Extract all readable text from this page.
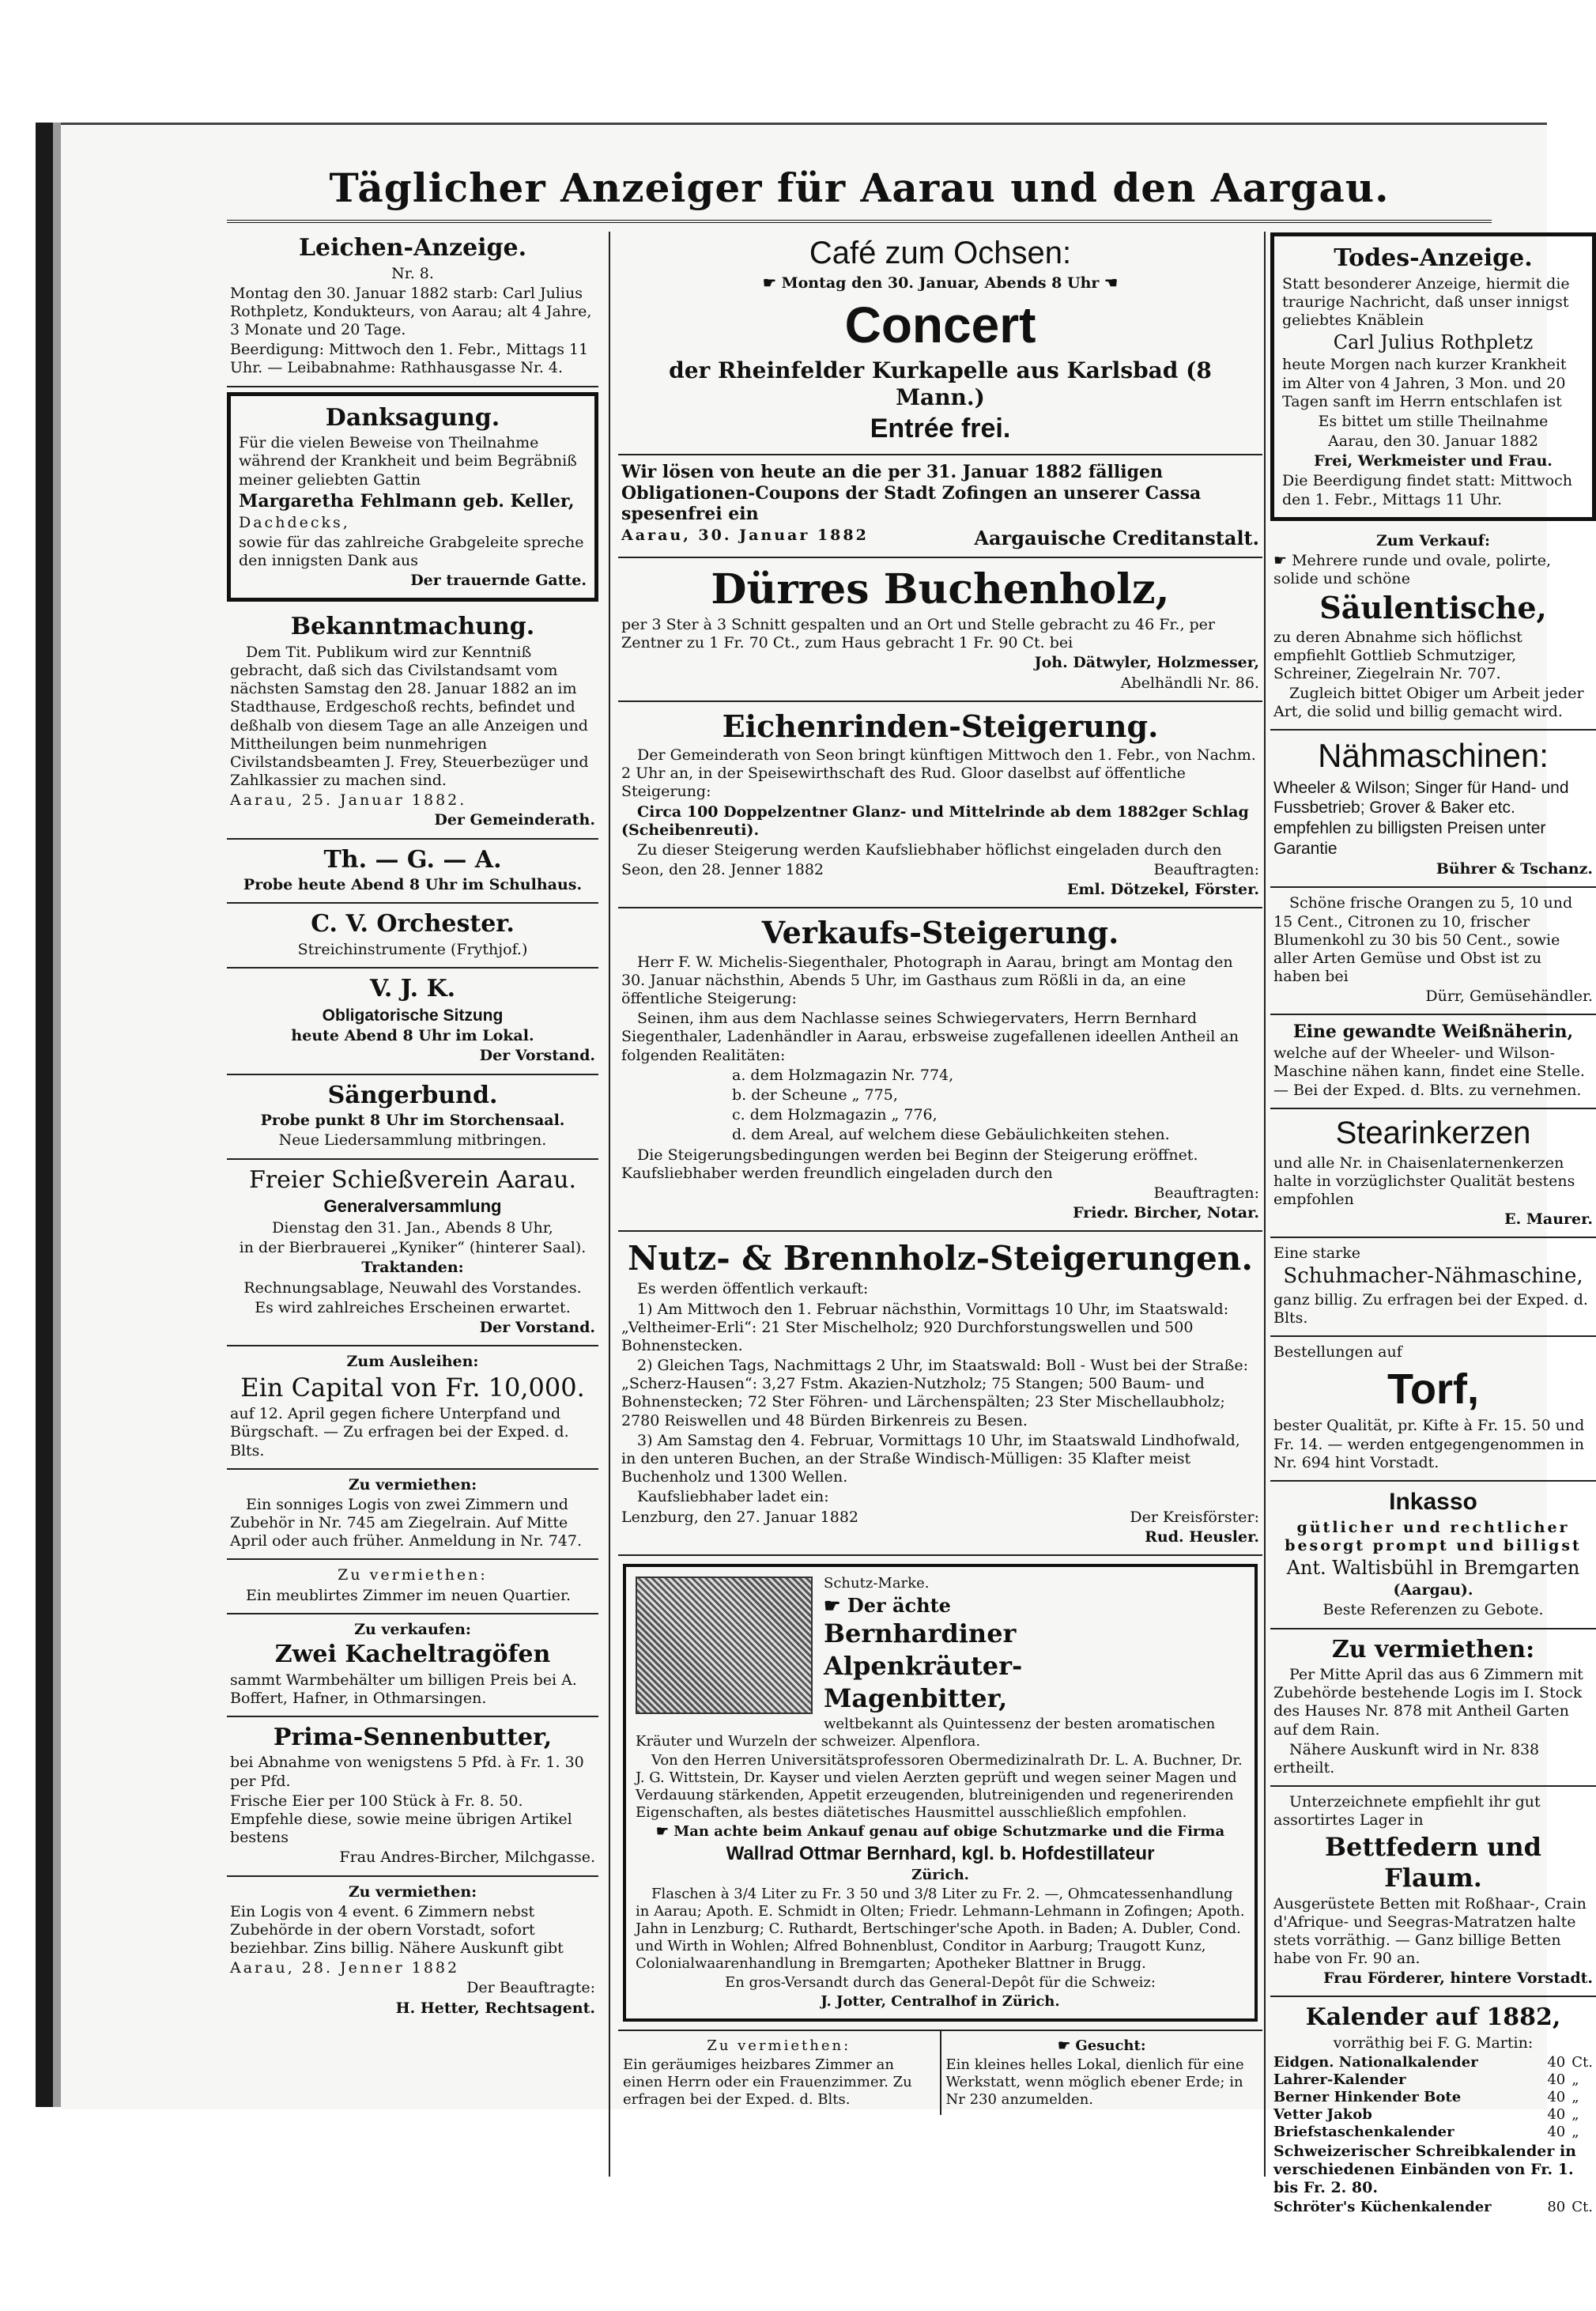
Täglicher Anzeiger für Aarau und den Aargau.
Leichen-Anzeige.

Nr. 8.

Montag den 30. Januar 1882 starb: Carl Julius Rothpletz, Kondukteurs, von Aarau; alt 4 Jahre, 3 Monate und 20 Tage.

Beerdigung: Mittwoch den 1. Febr., Mittags 11 Uhr. — Leibabnahme: Rathhausgasse Nr. 4.

Danksagung.

Für die vielen Beweise von Theilnahme während der Krankheit und beim Begräbniß meiner geliebten Gattin

Margaretha Fehlmann geb. Keller,

Dachdecks,

sowie für das zahlreiche Grabgeleite spreche den innigsten Dank aus

Der trauernde Gatte.

Bekanntmachung.

Dem Tit. Publikum wird zur Kenntniß gebracht, daß sich das Civilstandsamt vom nächsten Samstag den 28. Januar 1882 an im Stadthause, Erdgeschoß rechts, befindet und deßhalb von diesem Tage an alle Anzeigen und Mittheilungen beim nunmehrigen Civilstandsbeamten J. Frey, Steuerbezüger und Zahlkassier zu machen sind.

Aarau, 25. Januar 1882.

Der Gemeinderath.

Th. — G. — A.

Probe heute Abend 8 Uhr im Schulhaus.

C. V. Orchester.

Streichinstrumente (Frythjof.)

V. J. K.

Obligatorische Sitzung

heute Abend 8 Uhr im Lokal.

Der Vorstand.

Sängerbund.

Probe punkt 8 Uhr im Storchensaal.

Neue Liedersammlung mitbringen.

Freier Schießverein Aarau.

Generalversammlung

Dienstag den 31. Jan., Abends 8 Uhr,

in der Bierbrauerei „Kyniker“ (hinterer Saal).

Traktanden:

Rechnungsablage, Neuwahl des Vorstandes.

Es wird zahlreiches Erscheinen erwartet.

Der Vorstand.

Zum Ausleihen:

Ein Capital von Fr. 10,000.

auf 12. April gegen fichere Unterpfand und Bürgschaft. — Zu erfragen bei der Exped. d. Blts.

Zu vermiethen:

Ein sonniges Logis von zwei Zimmern und Zubehör in Nr. 745 am Ziegelrain. Auf Mitte April oder auch früher. Anmeldung in Nr. 747.

Zu vermiethen:

Ein meublirtes Zimmer im neuen Quartier.

Zu verkaufen:

Zwei Kacheltragöfen

sammt Warmbehälter um billigen Preis bei A. Boffert, Hafner, in Othmarsingen.

Prima-Sennenbutter,

bei Abnahme von wenigstens 5 Pfd. à Fr. 1. 30 per Pfd.

Frische Eier per 100 Stück à Fr. 8. 50. Empfehle diese, sowie meine übrigen Artikel bestens

Frau Andres-Bircher, Milchgasse.

Zu vermiethen:

Ein Logis von 4 event. 6 Zimmern nebst Zubehörde in der obern Vorstadt, sofort beziehbar. Zins billig. Nähere Auskunft gibt

Aarau, 28. Jenner 1882

Der Beauftragte:

H. Hetter, Rechtsagent.

Café zum Ochsen:

☛ Montag den 30. Januar, Abends 8 Uhr ☚

Concert

der Rheinfelder Kurkapelle aus Karlsbad (8 Mann.)

Entrée frei.

Wir lösen von heute an die per 31. Januar 1882 fälligen Obligationen-Coupons der Stadt Zofingen an unserer Cassa spesenfrei ein

Aarau, 30. Januar 1882	Aargauische Creditanstalt.
Dürres Buchenholz,

per 3 Ster à 3 Schnitt gespalten und an Ort und Stelle gebracht zu 46 Fr., per Zentner zu 1 Fr. 70 Ct., zum Haus gebracht 1 Fr. 90 Ct. bei

Joh. Dätwyler, Holzmesser,

Abelhändli Nr. 86.

Eichenrinden-Steigerung.

Der Gemeinderath von Seon bringt künftigen Mittwoch den 1. Febr., von Nachm. 2 Uhr an, in der Speisewirthschaft des Rud. Gloor daselbst auf öffentliche Steigerung:

Circa 100 Doppelzentner Glanz- und Mittelrinde ab dem 1882ger Schlag (Scheibenreuti).

Zu dieser Steigerung werden Kaufsliebhaber höflichst eingeladen durch den

Seon, den 28. Jenner 1882	Beauftragten:

Eml. Dötzekel, Förster.

Verkaufs-Steigerung.

Herr F. W. Michelis-Siegenthaler, Photograph in Aarau, bringt am Montag den 30. Januar nächsthin, Abends 5 Uhr, im Gasthaus zum Rößli in da, an eine öffentliche Steigerung:

Seinen, ihm aus dem Nachlasse seines Schwiegervaters, Herrn Bernhard Siegenthaler, Ladenhändler in Aarau, erbsweise zugefallenen ideellen Antheil an folgenden Realitäten:

a. dem Holzmagazin Nr. 774,

b. der Scheune „ 775,

c. dem Holzmagazin „ 776,

d. dem Areal, auf welchem diese Gebäulichkeiten stehen.

Die Steigerungsbedingungen werden bei Beginn der Steigerung eröffnet. Kaufsliebhaber werden freundlich eingeladen durch den

Beauftragten:

Friedr. Bircher, Notar.

Nutz- & Brennholz-Steigerungen.

Es werden öffentlich verkauft:

1) Am Mittwoch den 1. Februar nächsthin, Vormittags 10 Uhr, im Staatswald: „Veltheimer-Erli“: 21 Ster Mischelholz; 920 Durchforstungswellen und 500 Bohnenstecken.

2) Gleichen Tags, Nachmittags 2 Uhr, im Staatswald: Boll - Wust bei der Straße: „Scherz-Hausen“: 3,27 Fstm. Akazien-Nutzholz; 75 Stangen; 500 Baum- und Bohnenstecken; 72 Ster Föhren- und Lärchenspälten; 23 Ster Mischellaubholz; 2780 Reiswellen und 48 Bürden Birkenreis zu Besen.

3) Am Samstag den 4. Februar, Vormittags 10 Uhr, im Staatswald Lindhofwald, in den unteren Buchen, an der Straße Windisch-Mülligen: 35 Klafter meist Buchenholz und 1300 Wellen.

Kaufsliebhaber ladet ein:

Lenzburg, den 27. Januar 1882	Der Kreisförster:

Rud. Heusler.

Schutz-Marke.

☛ Der ächte

Bernhardiner

Alpenkräuter-

Magenbitter,

weltbekannt als Quintessenz der besten aromatischen Kräuter und Wurzeln der schweizer. Alpenflora.

Von den Herren Universitätsprofessoren Obermedizinalrath Dr. L. A. Buchner, Dr. J. G. Wittstein, Dr. Kayser und vielen Aerzten geprüft und wegen seiner Magen und Verdauung stärkenden, Appetit erzeugenden, blutreinigenden und regenerirenden Eigenschaften, als bestes diätetisches Hausmittel ausschließlich empfohlen.

☛ Man achte beim Ankauf genau auf obige Schutzmarke und die Firma

Wallrad Ottmar Bernhard, kgl. b. Hofdestillateur

Zürich.

Flaschen à 3/4 Liter zu Fr. 3 50 und 3/8 Liter zu Fr. 2. —, Ohmcatessenhandlung in Aarau; Apoth. E. Schmidt in Olten; Friedr. Lehmann-Lehmann in Zofingen; Apoth. Jahn in Lenzburg; C. Ruthardt, Bertschinger'sche Apoth. in Baden; A. Dubler, Cond. und Wirth in Wohlen; Alfred Bohnenblust, Conditor in Aarburg; Traugott Kunz, Colonialwaarenhandlung in Bremgarten; Apotheker Blattner in Brugg.

En gros-Versandt durch das General-Depôt für die Schweiz:

J. Jotter, Centralhof in Zürich.

Zu vermiethen:

Ein geräumiges heizbares Zimmer an einen Herrn oder ein Frauenzimmer. Zu erfragen bei der Exped. d. Blts.

☛ Gesucht:

Ein kleines helles Lokal, dienlich für eine Werkstatt, wenn möglich ebener Erde; in Nr 230 anzumelden.

Todes-Anzeige.

Statt besonderer Anzeige, hiermit die traurige Nachricht, daß unser innigst geliebtes Knäblein

Carl Julius Rothpletz

heute Morgen nach kurzer Krankheit im Alter von 4 Jahren, 3 Mon. und 20 Tagen sanft im Herrn entschlafen ist

Es bittet um stille Theilnahme

Aarau, den 30. Januar 1882

Frei, Werkmeister und Frau.

Die Beerdigung findet statt: Mittwoch den 1. Febr., Mittags 11 Uhr.

Zum Verkauf:

☛ Mehrere runde und ovale, polirte, solide und schöne

Säulentische,

zu deren Abnahme sich höflichst empfiehlt Gottlieb Schmutziger, Schreiner, Ziegelrain Nr. 707.

Zugleich bittet Obiger um Arbeit jeder Art, die solid und billig gemacht wird.

Nähmaschinen:

Wheeler & Wilson; Singer für Hand- und Fussbetrieb; Grover & Baker etc. empfehlen zu billigsten Preisen unter Garantie

Bührer & Tschanz.

Schöne frische Orangen zu 5, 10 und 15 Cent., Citronen zu 10, frischer Blumenkohl zu 30 bis 50 Cent., sowie aller Arten Gemüse und Obst ist zu haben bei

Dürr, Gemüsehändler.

Eine gewandte Weißnäherin,

welche auf der Wheeler- und Wilson-Maschine nähen kann, findet eine Stelle. — Bei der Exped. d. Blts. zu vernehmen.

Stearinkerzen

und alle Nr. in Chaisenlaternenkerzen halte in vorzüglichster Qualität bestens empfohlen

E. Maurer.

Eine starke

Schuhmacher-Nähmaschine,

ganz billig. Zu erfragen bei der Exped. d. Blts.

Bestellungen auf

Torf,

bester Qualität, pr. Kifte à Fr. 15. 50 und Fr. 14. — werden entgegengenommen in Nr. 694 hint Vorstadt.

Inkasso

gütlicher und rechtlicher besorgt prompt und billigst

Ant. Waltisbühl in Bremgarten

(Aargau).

Beste Referenzen zu Gebote.

Zu vermiethen:

Per Mitte April das aus 6 Zimmern mit Zubehörde bestehende Logis im I. Stock des Hauses Nr. 878 mit Antheil Garten auf dem Rain.

Nähere Auskunft wird in Nr. 838 ertheilt.

Unterzeichnete empfiehlt ihr gut assortirtes Lager in

Bettfedern und Flaum.

Ausgerüstete Betten mit Roßhaar-, Crain d'Afrique- und Seegras-Matratzen halte stets vorräthig. — Ganz billige Betten habe von Fr. 90 an.

Frau Förderer, hintere Vorstadt.

Kalender auf 1882,

vorräthig bei F. G. Martin:

Eidgen. Nationalkalender	40 Ct.
Lahrer-Kalender	40 „
Berner Hinkender Bote	40 „
Vetter Jakob	40 „
Briefstaschenkalender	40 „

Schweizerischer Schreibkalender in verschiedenen Einbänden von Fr. 1. bis Fr. 2. 80.

Schröter's Küchenkalender	80 Ct.
